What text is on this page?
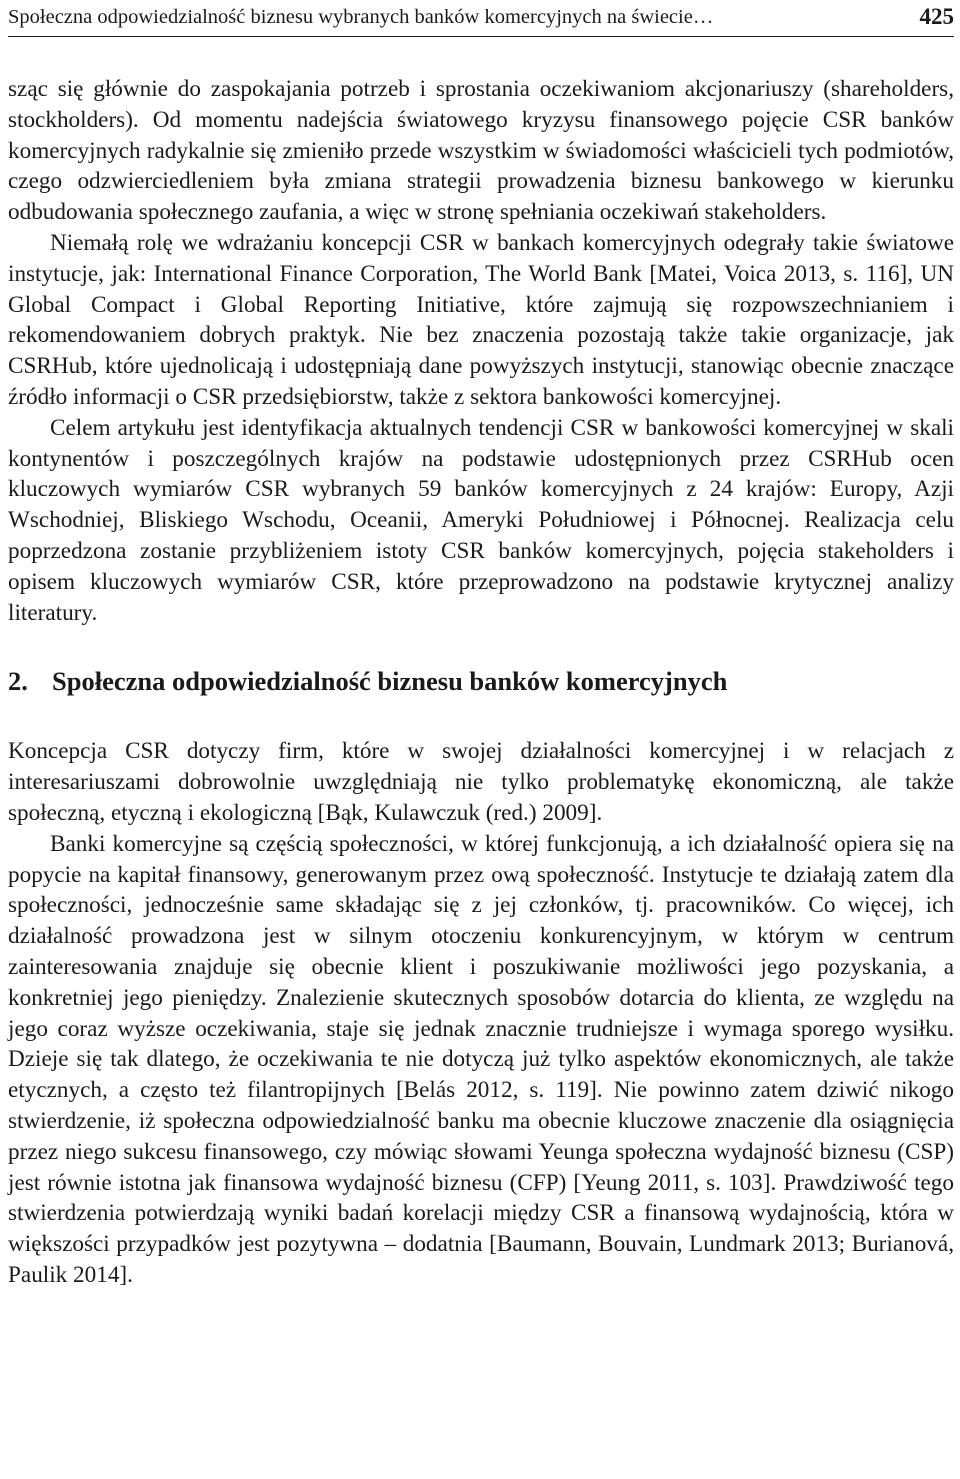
Społeczna odpowiedzialność biznesu wybranych banków komercyjnych na świecie…	425

sząc się głównie do zaspokajania potrzeb i sprostania oczekiwaniom akcjonariuszy (shareholders, stockholders). Od momentu nadejścia światowego kryzysu finansowego pojęcie CSR banków komercyjnych radykalnie się zmieniło przede wszystkim w świadomości właścicieli tych podmiotów, czego odzwierciedleniem była zmiana strategii prowadzenia biznesu bankowego w kierunku odbudowania społecznego zaufania, a więc w stronę spełniania oczekiwań stakeholders.

Niemałą rolę we wdrażaniu koncepcji CSR w bankach komercyjnych odegrały takie światowe instytucje, jak: International Finance Corporation, The World Bank [Matei, Voica 2013, s. 116], UN Global Compact i Global Reporting Initiative, które zajmują się rozpowszechnianiem i rekomendowaniem dobrych praktyk. Nie bez znaczenia pozostają także takie organizacje, jak CSRHub, które ujednolicają i udostępniają dane powyższych instytucji, stanowiąc obecnie znaczące źródło informacji o CSR przedsiębiorstw, także z sektora bankowości komercyjnej.

Celem artykułu jest identyfikacja aktualnych tendencji CSR w bankowości komercyjnej w skali kontynentów i poszczególnych krajów na podstawie udostępnionych przez CSRHub ocen kluczowych wymiarów CSR wybranych 59 banków komercyjnych z 24 krajów: Europy, Azji Wschodniej, Bliskiego Wschodu, Oceanii, Ameryki Południowej i Północnej. Realizacja celu poprzedzona zostanie przybliżeniem istoty CSR banków komercyjnych, pojęcia stakeholders i opisem kluczowych wymiarów CSR, które przeprowadzono na podstawie krytycznej analizy literatury.

2. Społeczna odpowiedzialność biznesu banków komercyjnych

Koncepcja CSR dotyczy firm, które w swojej działalności komercyjnej i w relacjach z interesariuszami dobrowolnie uwzględniają nie tylko problematykę ekonomiczną, ale także społeczną, etyczną i ekologiczną [Bąk, Kulawczuk (red.) 2009].

Banki komercyjne są częścią społeczności, w której funkcjonują, a ich działalność opiera się na popycie na kapitał finansowy, generowanym przez ową społeczność. Instytucje te działają zatem dla społeczności, jednocześnie same składając się z jej członków, tj. pracowników. Co więcej, ich działalność prowadzona jest w silnym otoczeniu konkurencyjnym, w którym w centrum zainteresowania znajduje się obecnie klient i poszukiwanie możliwości jego pozyskania, a konkretniej jego pieniędzy. Znalezienie skutecznych sposobów dotarcia do klienta, ze względu na jego coraz wyższe oczekiwania, staje się jednak znacznie trudniejsze i wymaga sporego wysiłku. Dzieje się tak dlatego, że oczekiwania te nie dotyczą już tylko aspektów ekonomicznych, ale także etycznych, a często też filantropijnych [Belás 2012, s. 119]. Nie powinno zatem dziwić nikogo stwierdzenie, iż społeczna odpowiedzialność banku ma obecnie kluczowe znaczenie dla osiągnięcia przez niego sukcesu finansowego, czy mówiąc słowami Yeunga społeczna wydajność biznesu (CSP) jest równie istotna jak finansowa wydajność biznesu (CFP) [Yeung 2011, s. 103]. Prawdziwość tego stwierdzenia potwierdzają wyniki badań korelacji między CSR a finansową wydajnością, która w większości przypadków jest pozytywna – dodatnia [Baumann, Bouvain, Lundmark 2013; Burianová, Paulik 2014].
